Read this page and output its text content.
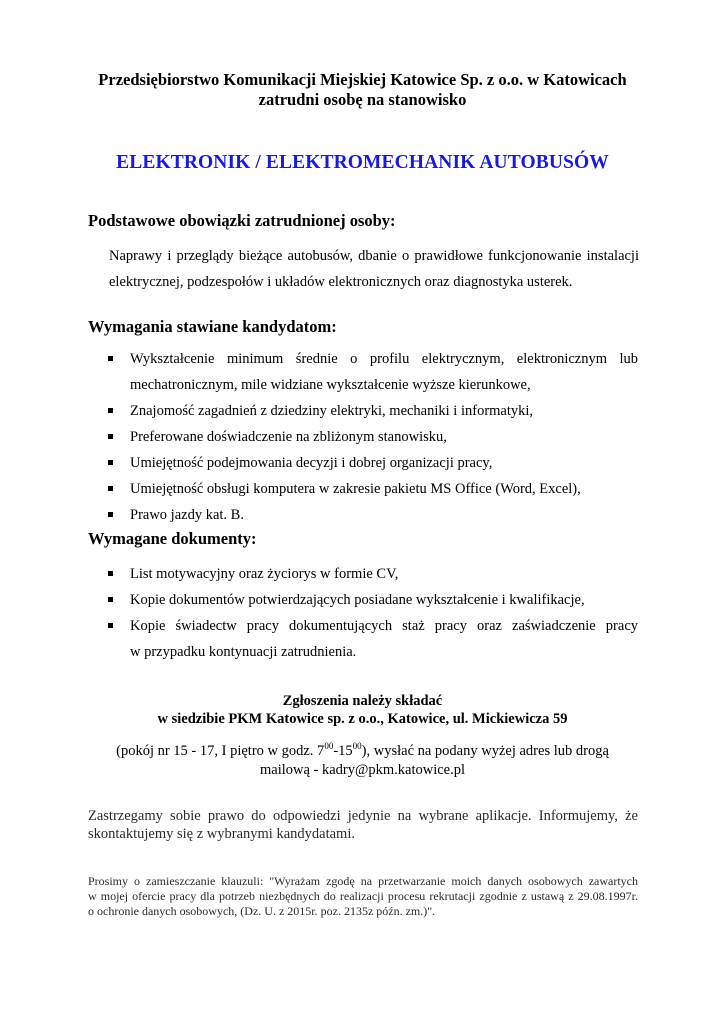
Przedsiębiorstwo Komunikacji Miejskiej Katowice Sp. z o.o. w Katowicach
zatrudni osobę na stanowisko
ELEKTRONIK / ELEKTROMECHANIK AUTOBUSÓW
Podstawowe obowiązki zatrudnionej osoby:
Naprawy i przeglądy bieżące autobusów, dbanie o prawidłowe funkcjonowanie instalacji
elektrycznej, podzespołów i układów elektronicznych oraz diagnostyka usterek.
Wymagania stawiane kandydatom:
Wykształcenie minimum średnie o profilu elektrycznym, elektronicznym lub
mechatronicznym, mile widziane wykształcenie wyższe kierunkowe,
Znajomość zagadnień z dziedziny elektryki, mechaniki i informatyki,
Preferowane doświadczenie na zbliżonym stanowisku,
Umiejętność podejmowania decyzji i dobrej organizacji pracy,
Umiejętność obsługi komputera w zakresie pakietu MS Office (Word, Excel),
Prawo jazdy kat. B.
Wymagane dokumenty:
List motywacyjny oraz życiorys w formie CV,
Kopie dokumentów potwierdzających posiadane wykształcenie i kwalifikacje,
Kopie świadectw pracy dokumentujących staż pracy oraz zaświadczenie pracy
w przypadku kontynuacji zatrudnienia.
Zgłoszenia należy składać
w siedzibie PKM Katowice sp. z o.o., Katowice, ul. Mickiewicza 59
(pokój nr 15 - 17, I piętro w godz. $7^{00}-15^{00}$), wysłać na podany wyżej adres lub drogą
mailową - kadry@pkm.katowice.pl
Zastrzegamy sobie prawo do odpowiedzi jedynie na wybrane aplikacje. Informujemy, że
skontaktujemy się z wybranymi kandydatami.
Prosimy o zamieszczanie klauzuli: "Wyrażam zgodę na przetwarzanie moich danych osobowych zawartych
w mojej ofercie pracy dla potrzeb niezbędnych do realizacji procesu rekrutacji zgodnie z ustawą z 29.08.1997r.
o ochronie danych osobowych, (Dz. U. z 2015r. poz. 2135z późn. zm.)".
